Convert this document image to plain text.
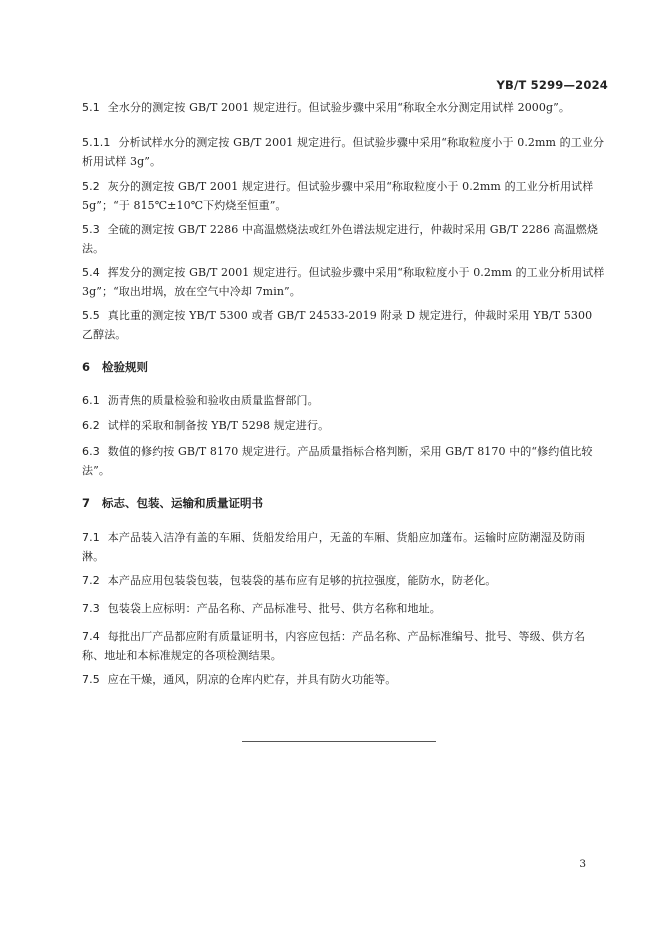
YB/T 5299—2024

5.1 全水分的测定按 GB/T 2001 规定进行。但试验步骤中采用“称取全水分测定用试样 2000g”。

5.1.1 分析试样水分的测定按 GB/T 2001 规定进行。但试验步骤中采用“称取粒度小于 0.2mm 的工业分析用试样 3g”。

5.2 灰分的测定按 GB/T 2001 规定进行。但试验步骤中采用“称取粒度小于 0.2mm 的工业分析用试样 5g”；“于 815℃±10℃下灼烧至恒重”。

5.3 全硫的测定按 GB/T 2286 中高温燃烧法或红外色谱法规定进行，仲裁时采用 GB/T 2286 高温燃烧法。

5.4 挥发分的测定按 GB/T 2001 规定进行。但试验步骤中采用“称取粒度小于 0.2mm 的工业分析用试样 3g”；“取出坩埚，放在空气中冷却 7min”。

5.5 真比重的测定按 YB/T 5300 或者 GB/T 24533-2019 附录 D 规定进行，仲裁时采用 YB/T 5300 乙醇法。

6 检验规则

6.1 沥青焦的质量检验和验收由质量监督部门。

6.2 试样的采取和制备按 YB/T 5298 规定进行。

6.3 数值的修约按 GB/T 8170 规定进行。产品质量指标合格判断，采用 GB/T 8170 中的“修约值比较法”。

7 标志、包装、运输和质量证明书

7.1 本产品装入洁净有盖的车厢、货船发给用户，无盖的车厢、货船应加蓬布。运输时应防潮湿及防雨淋。

7.2 本产品应用包装袋包装，包装袋的基布应有足够的抗拉强度，能防水，防老化。

7.3 包装袋上应标明：产品名称、产品标准号、批号、供方名称和地址。

7.4 每批出厂产品都应附有质量证明书，内容应包括：产品名称、产品标准编号、批号、等级、供方名称、地址和本标准规定的各项检测结果。

7.5 应在干燥，通风，阴凉的仓库内贮存，并具有防火功能等。

3
